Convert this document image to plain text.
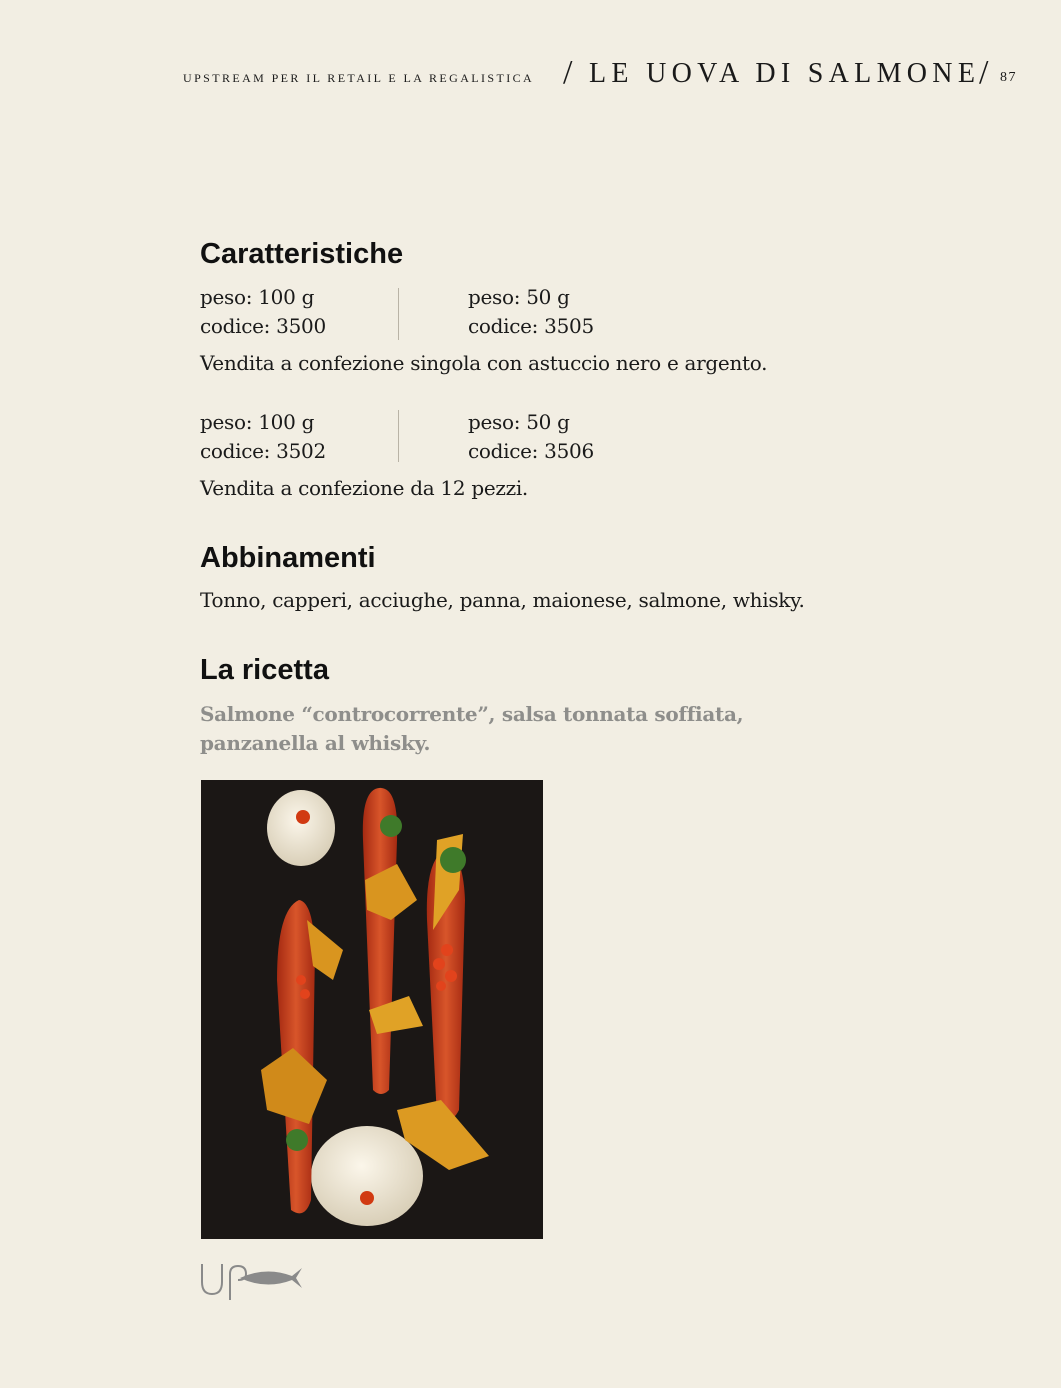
UPSTREAM PER IL RETAIL E LA REGALISTICA / LE UOVA DI SALMONE
/ 87
Caratteristiche
peso: 100 g
codice: 3500
peso: 50 g
codice: 3505
Vendita a confezione singola con astuccio nero e argento.
peso: 100 g
codice: 3502
peso: 50 g
codice: 3506
Vendita a confezione da 12 pezzi.
Abbinamenti
Tonno, capperi, acciughe, panna, maionese, salmone, whisky.
La ricetta
Salmone “controcorrente”, salsa tonnata soffiata,
panzanella al whisky.
